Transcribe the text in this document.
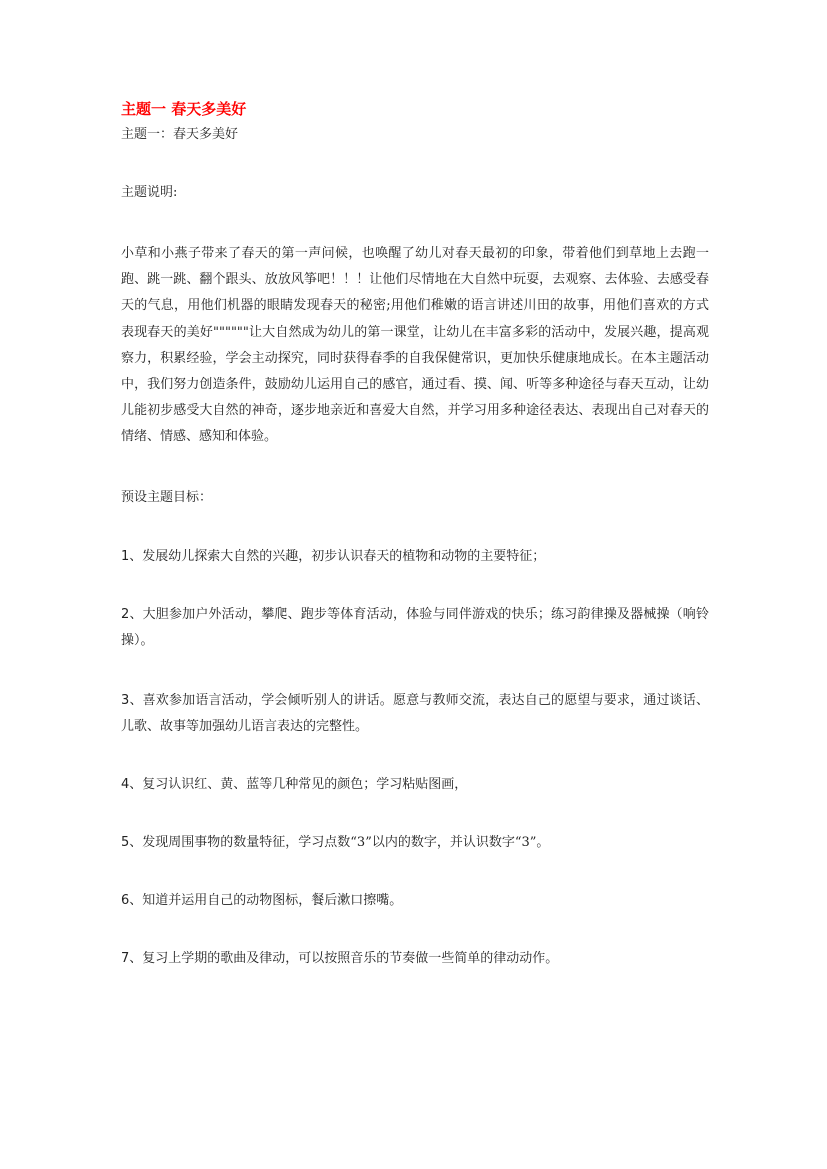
主题一 春天多美好

主题一：春天多美好

主题说明:

小草和小燕子带来了春天的第一声问候，也唤醒了幼儿对春天最初的印象，带着他们到草地上去跑一跑、跳一跳、翻个跟头、放放风筝吧！！！让他们尽情地在大自然中玩耍，去观察、去体验、去感受春天的气息，用他们机器的眼睛发现春天的秘密;用他们稚嫩的语言讲述川田的故事，用他们喜欢的方式表现春天的美好""""""让大自然成为幼儿的第一课堂，让幼儿在丰富多彩的活动中，发展兴趣，提高观察力，积累经验，学会主动探究，同时获得春季的自我保健常识，更加快乐健康地成长。在本主题活动中，我们努力创造条件，鼓励幼儿运用自己的感官，通过看、摸、闻、听等多种途径与春天互动，让幼儿能初步感受大自然的神奇，逐步地亲近和喜爱大自然，并学习用多种途径表达、表现出自己对春天的情绪、情感、感知和体验。

预设主题目标：

1、发展幼儿探索大自然的兴趣，初步认识春天的植物和动物的主要特征；

2、大胆参加户外活动，攀爬、跑步等体育活动，体验与同伴游戏的快乐；练习韵律操及器械操（响铃操）。

3、喜欢参加语言活动，学会倾听别人的讲话。愿意与教师交流，表达自己的愿望与要求，通过谈话、儿歌、故事等加强幼儿语言表达的完整性。

4、复习认识红、黄、蓝等几种常见的颜色；学习粘贴图画，

5、发现周围事物的数量特征，学习点数“3”以内的数字，并认识数字“3”。

6、知道并运用自己的动物图标，餐后漱口擦嘴。

7、复习上学期的歌曲及律动，可以按照音乐的节奏做一些简单的律动动作。
